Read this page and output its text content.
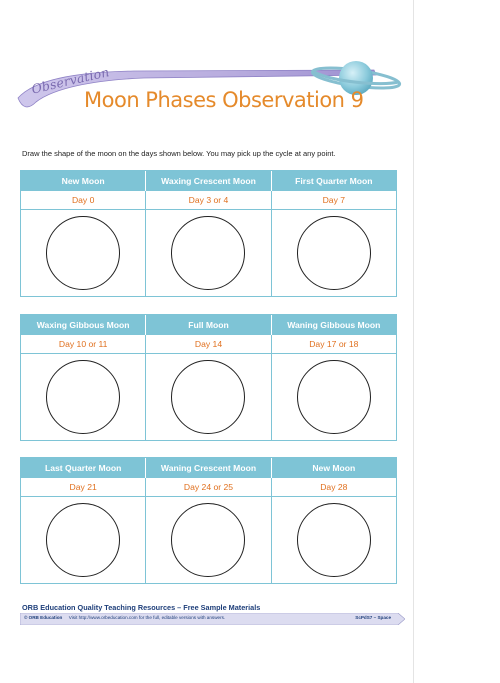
Observation
Moon Phases Observation 9
Draw the shape of the moon on the days shown below. You may pick up the cycle at any point.
New Moon	Waxing Crescent Moon	First Quarter Moon
Day 0	Day 3 or 4	Day 7
Waxing Gibbous Moon	Full Moon	Waning Gibbous Moon
Day 10 or 11	Day 14	Day 17 or 18
Last Quarter Moon	Waning Crescent Moon	New Moon
Day 21	Day 24 or 25	Day 28
ORB Education Quality Teaching Resources – Free Sample Materials
© ORB Education Visit http://www.orbeducation.com for the full, editable versions with answers.	ScPdS7 – Space
